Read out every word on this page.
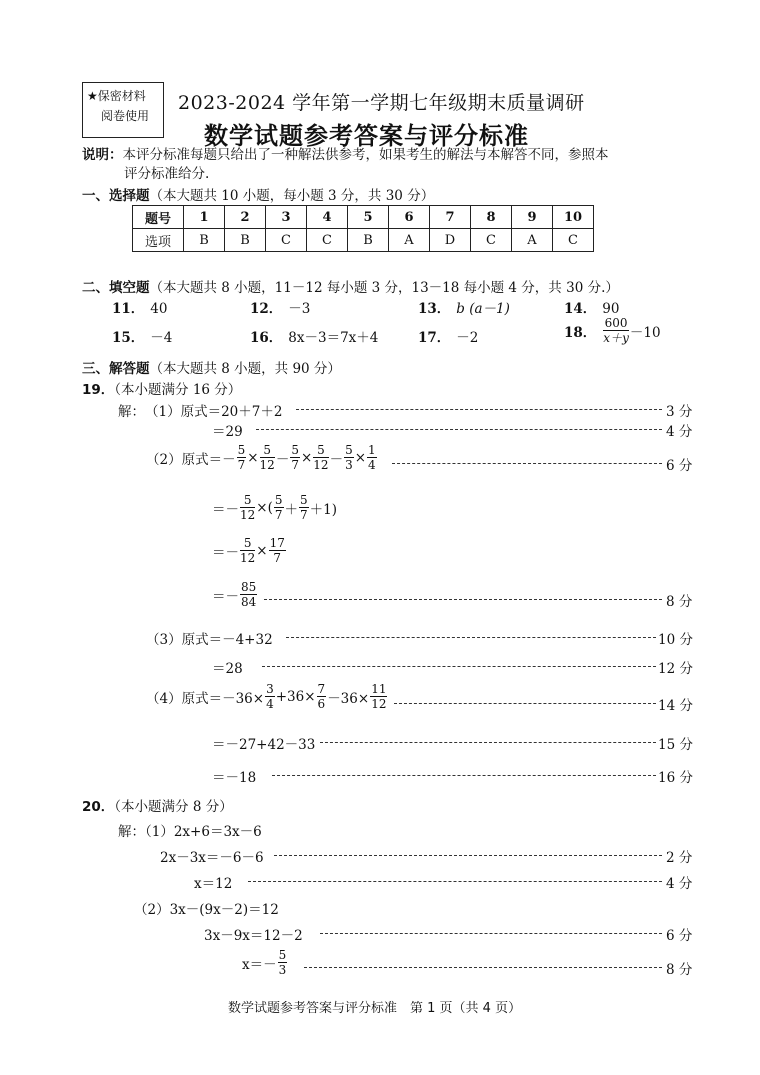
★保密材料
阅卷使用
2023-2024 学年第一学期七年级期末质量调研
数学试题参考答案与评分标准
说明：本评分标准每题只给出了一种解法供参考，如果考生的解法与本解答不同，参照本
评分标准给分.
一、选择题（本大题共 10 小题，每小题 3 分，共 30 分）
题号	1	2	3	4	5	6	7	8	9	10
选项	B	B	C	C	B	A	D	C	A	C
二、填空题（本大题共 8 小题，11－12 每小题 3 分，13－18 每小题 4 分，共 30 分.）
11． 40	12． －3	13． b (a－1)	14． 90
15． －4	16． 8x－3＝7x＋4	17． －2	18． $\frac{600}{x+y} -10$
三、解答题（本大题共 8 小题，共 90 分）
19．（本小题满分 16 分）
解： （1）原式＝20＋7＋2	3 分
＝29	4 分
（2）原式＝－ $\frac{5}{7} \times \frac{5}{12} - \frac{5}{7} \times \frac{5}{12} - \frac{5}{3} \times \frac{1}{4}$	6 分
＝－ $\frac{5}{12}$ ×( $\frac{5}{7} + \frac{5}{7} +1$)
＝－ $\frac{5}{12} \times \frac{17}{7}$
＝－ $\frac{85}{84}$	8 分
（3）原式＝－4+32	10 分
＝28	12 分
（4）原式$=-36\times \frac{3}{4} +36\times \frac{7}{6} -36\times \frac{11}{12}$	14 分
＝－27+42－33	15 分
＝－18	16 分
20．（本小题满分 8 分）
解：（1）2x+6＝3x－6
2x－3x＝－6－6	2 分
x＝12	4 分
（2）3x－(9x－2)＝12
3x－9x＝12－2	6 分
$x=- \frac{5}{3}$	8 分
数学试题参考答案与评分标准　第 1 页（共 4 页）
